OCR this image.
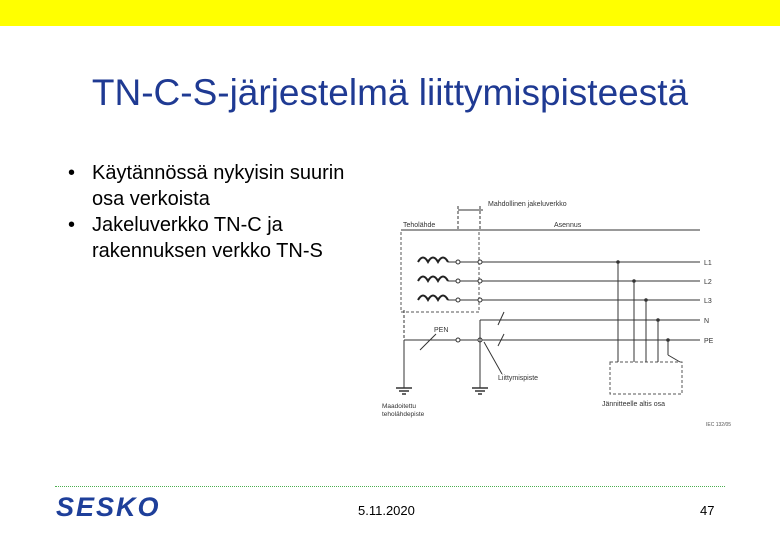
TN-C-S-järjestelmä liittymispisteestä
• Käytännössä nykyisin suurin osa verkoista
• Jakeluverkko TN-C ja rakennuksen verkko TN-S
Mahdollinen jakeluverkko
Teholähde	Asennus
PEN
Maadoitettu
teholähdepiste
Liittymispiste
Jännitteelle altis osa
L1
L2
L3
N
PE
IEC 132/05
SESKO	5.11.2020	47
